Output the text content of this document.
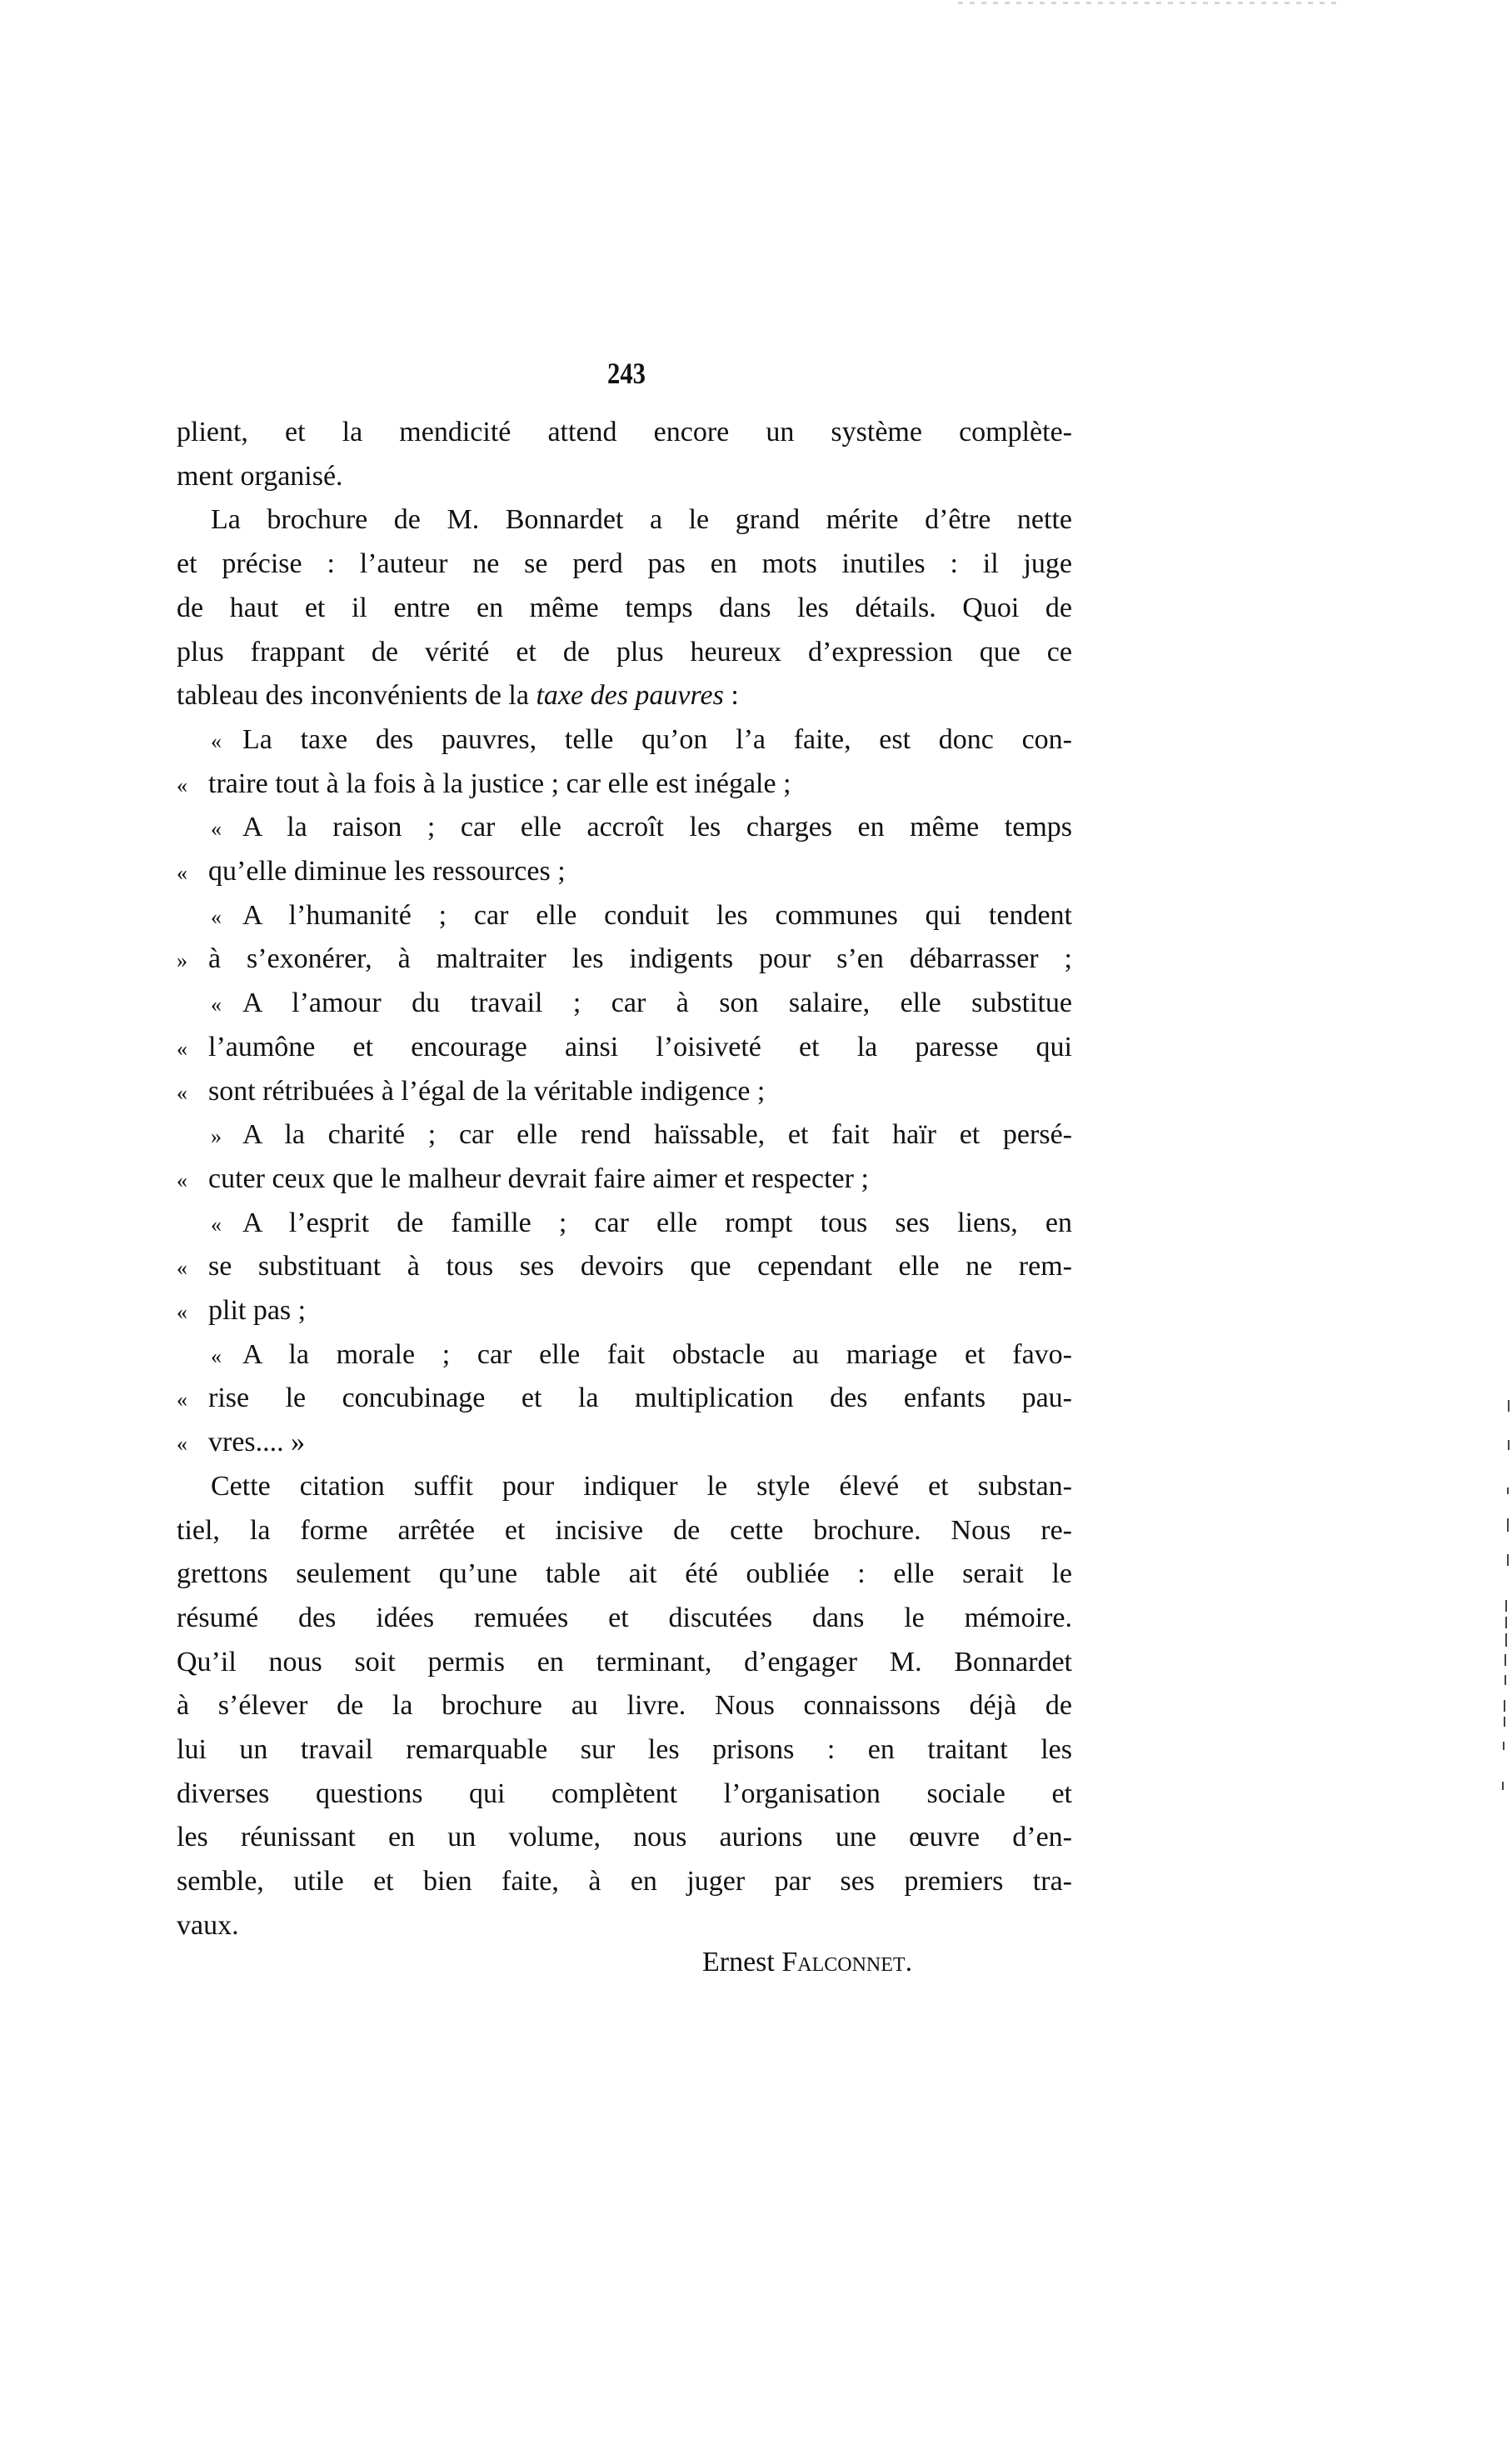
243
plient, et la mendicité attend encore un système complète-
ment organisé.
La brochure de M. Bonnardet a le grand mérite d’être nette
et précise : l’auteur ne se perd pas en mots inutiles : il juge
de haut et il entre en même temps dans les détails. Quoi de
plus frappant de vérité et de plus heureux d’expression que ce
tableau des inconvénients de la taxe des pauvres :
« La taxe des pauvres, telle qu’on l’a faite, est donc con-
« traire tout à la fois à la justice ; car elle est inégale ;
« A la raison ; car elle accroît les charges en même temps
« qu’elle diminue les ressources ;
« A l’humanité ; car elle conduit les communes qui tendent
» à s’exonérer, à maltraiter les indigents pour s’en débarrasser ;
« A l’amour du travail ; car à son salaire, elle substitue
« l’aumône et encourage ainsi l’oisiveté et la paresse qui
« sont rétribuées à l’égal de la véritable indigence ;
» A la charité ; car elle rend haïssable, et fait haïr et persé-
« cuter ceux que le malheur devrait faire aimer et respecter ;
« A l’esprit de famille ; car elle rompt tous ses liens, en
« se substituant à tous ses devoirs que cependant elle ne rem-
« plit pas ;
« A la morale ; car elle fait obstacle au mariage et favo-
« rise le concubinage et la multiplication des enfants pau-
« vres.... »
Cette citation suffit pour indiquer le style élevé et substan-
tiel, la forme arrêtée et incisive de cette brochure. Nous re-
grettons seulement qu’une table ait été oubliée : elle serait le
résumé des idées remuées et discutées dans le mémoire.
Qu’il nous soit permis en terminant, d’engager M. Bonnardet
à s’élever de la brochure au livre. Nous connaissons déjà de
lui un travail remarquable sur les prisons : en traitant les
diverses questions qui complètent l’organisation sociale et
les réunissant en un volume, nous aurions une œuvre d’en-
semble, utile et bien faite, à en juger par ses premiers tra-
vaux.
Ernest Falconnet.
